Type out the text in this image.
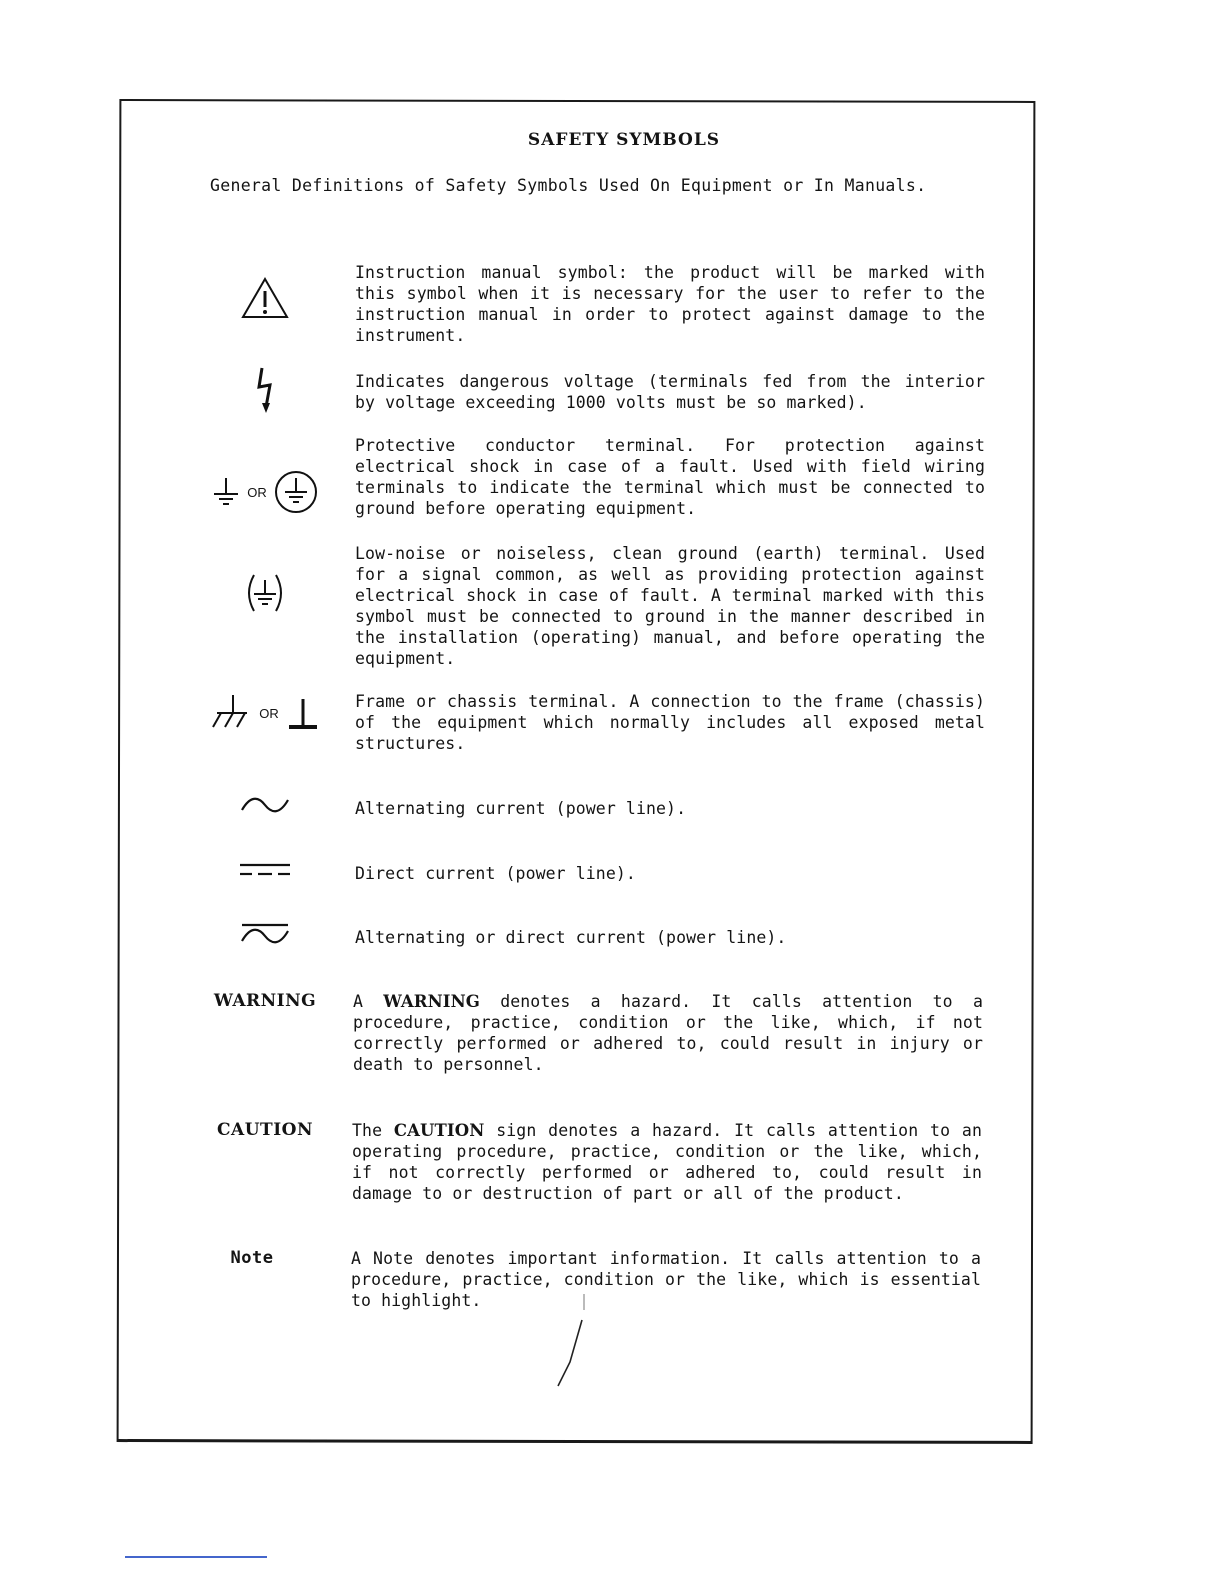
SAFETY SYMBOLS
General Definitions of Safety Symbols Used On Equipment or In Manuals.
Instruction manual symbol: the product will be marked with this symbol when it is necessary for the user to refer to the instruction manual in order to protect against damage to the instrument.
Indicates dangerous voltage (terminals fed from the interior by voltage exceeding 1000 volts must be so marked).
OR
Protective conductor terminal. For protection against electrical shock in case of a fault. Used with field wiring terminals to indicate the terminal which must be connected to ground before operating equipment.
Low-noise or noiseless, clean ground (earth) terminal. Used for a signal common, as well as providing protection against electrical shock in case of fault. A terminal marked with this symbol must be connected to ground in the manner described in the installation (operating) manual, and before operating the equipment.
OR
Frame or chassis terminal. A connection to the frame (chassis) of the equipment which normally includes all exposed metal structures.
Alternating current (power line).
Direct current (power line).
Alternating or direct current (power line).
WARNING A WARNING denotes a hazard. It calls attention to a procedure, practice, condition or the like, which, if not correctly performed or adhered to, could result in injury or death to personnel.
CAUTION The CAUTION sign denotes a hazard. It calls attention to an operating procedure, practice, condition or the like, which, if not correctly performed or adhered to, could result in damage to or destruction of part or all of the product.
Note	A Note denotes important information. It calls attention to a procedure, practice, condition or the like, which is essential to highlight.
